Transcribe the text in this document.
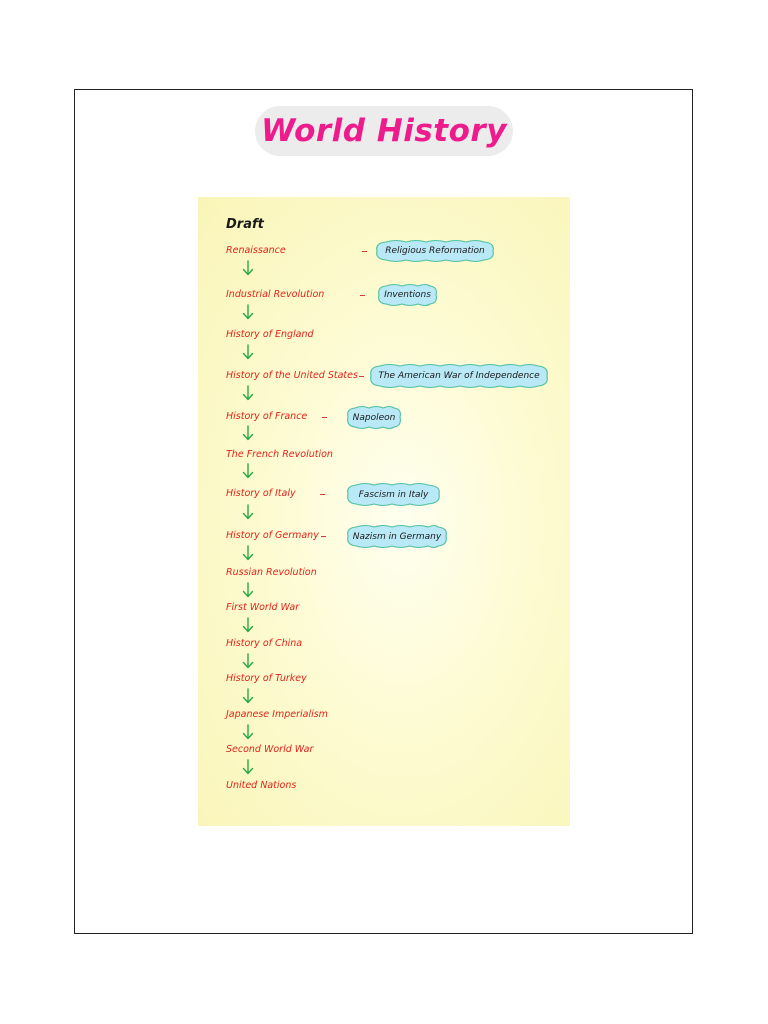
World History
Draft
Renaissance
Industrial Revolution
History of England
History of the United States
History of France
The French Revolution
History of Italy
History of Germany
Russian Revolution
First World War
History of China
History of Turkey
Japanese Imperialism
Second World War
United Nations
Religious Reformation
Inventions
The American War of Independence
Napoleon
Fascism in Italy
Nazism in Germany
